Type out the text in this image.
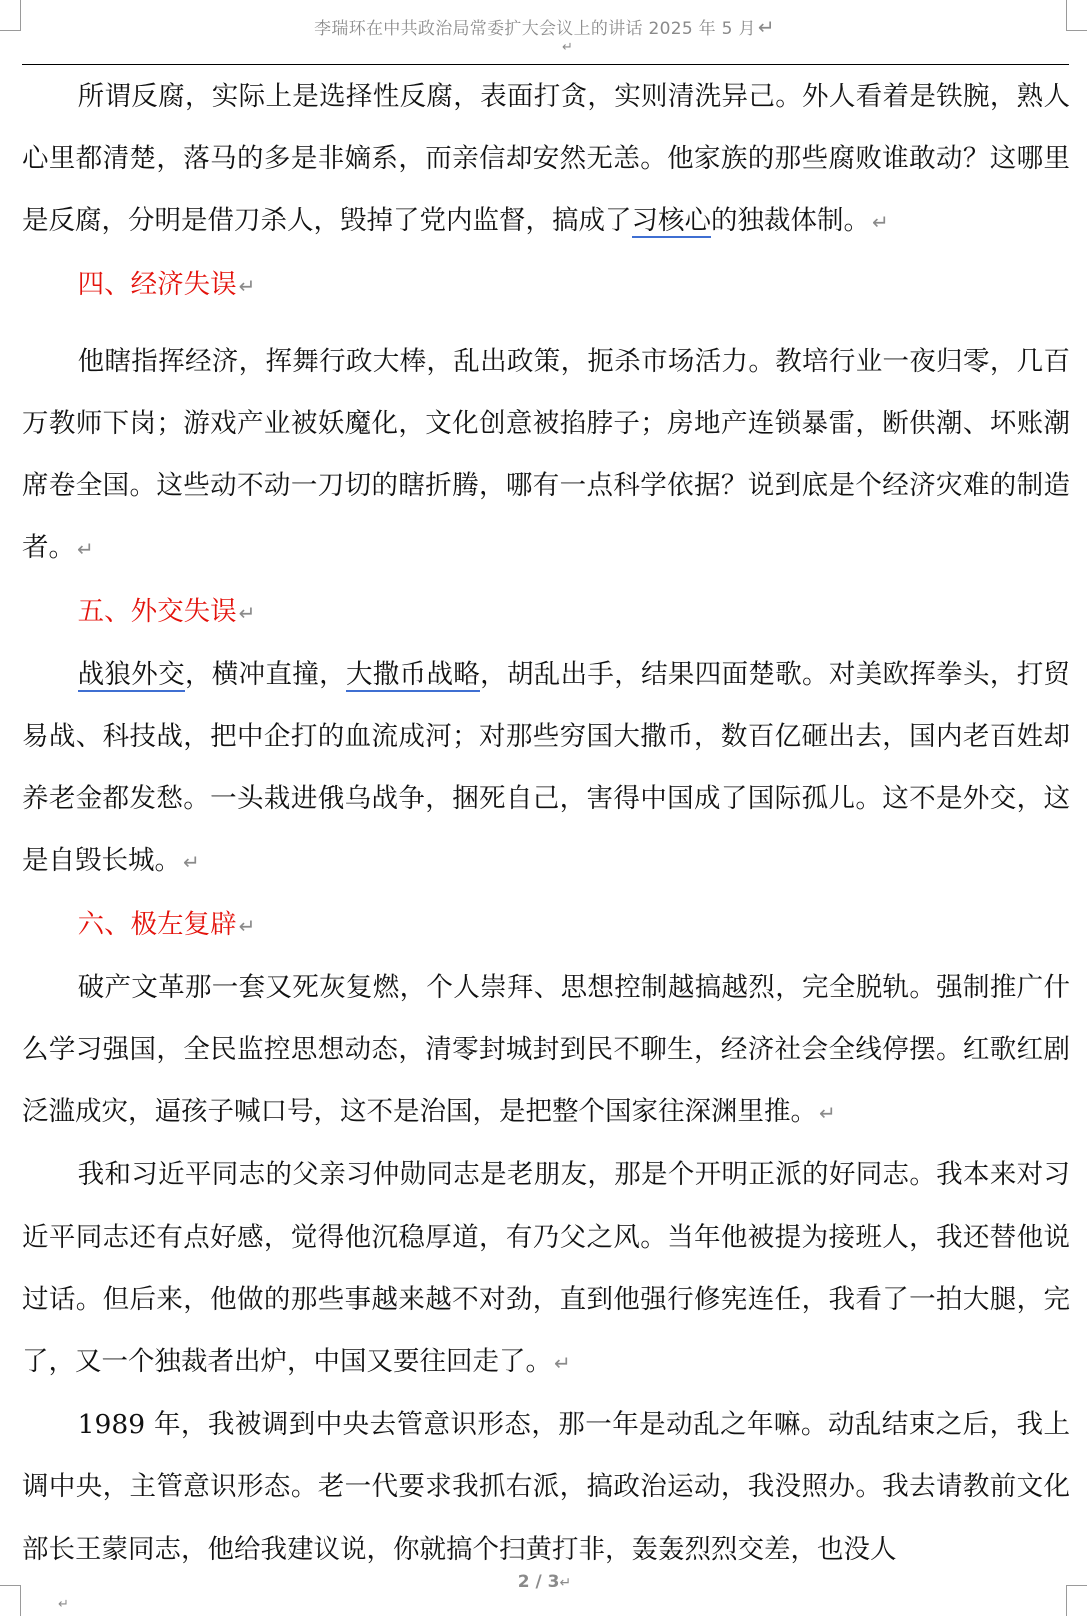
李瑞环在中共政治局常委扩大会议上的讲话 2025 年 5 月 ↵
↵

所谓反腐，实际上是选择性反腐，表面打贪，实则清洗异己。外人看着是铁腕，熟人心里都清楚，落马的多是非嫡系，而亲信却安然无恙。他家族的那些腐败谁敢动？这哪里是反腐，分明是借刀杀人，毁掉了党内监督，搞成了习核心的独裁体制。 ↵

四、经济失误 ↵

他瞎指挥经济，挥舞行政大棒，乱出政策，扼杀市场活力。教培行业一夜归零，几百万教师下岗；游戏产业被妖魔化，文化创意被掐脖子；房地产连锁暴雷，断供潮、坏账潮席卷全国。这些动不动一刀切的瞎折腾，哪有一点科学依据？说到底是个经济灾难的制造者。 ↵

五、外交失误 ↵

战狼外交，横冲直撞，大撒币战略，胡乱出手，结果四面楚歌。对美欧挥拳头，打贸易战、科技战，把中企打的血流成河；对那些穷国大撒币，数百亿砸出去，国内老百姓却养老金都发愁。一头栽进俄乌战争，捆死自己，害得中国成了国际孤儿。这不是外交，这是自毁长城。 ↵

六、极左复辟 ↵

破产文革那一套又死灰复燃，个人崇拜、思想控制越搞越烈，完全脱轨。强制推广什么学习强国，全民监控思想动态，清零封城封到民不聊生，经济社会全线停摆。红歌红剧泛滥成灾，逼孩子喊口号，这不是治国，是把整个国家往深渊里推。 ↵

我和习近平同志的父亲习仲勋同志是老朋友，那是个开明正派的好同志。我本来对习近平同志还有点好感，觉得他沉稳厚道，有乃父之风。当年他被提为接班人，我还替他说过话。但后来，他做的那些事越来越不对劲，直到他强行修宪连任，我看了一拍大腿，完了，又一个独裁者出炉，中国又要往回走了。 ↵

1989 年，我被调到中央去管意识形态，那一年是动乱之年嘛。动乱结束之后，我上调中央，主管意识形态。老一代要求我抓右派，搞政治运动，我没照办。我去请教前文化部长王蒙同志，他给我建议说，你就搞个扫黄打非，轰轰烈烈交差，也没人

2 / 3↵
↵
